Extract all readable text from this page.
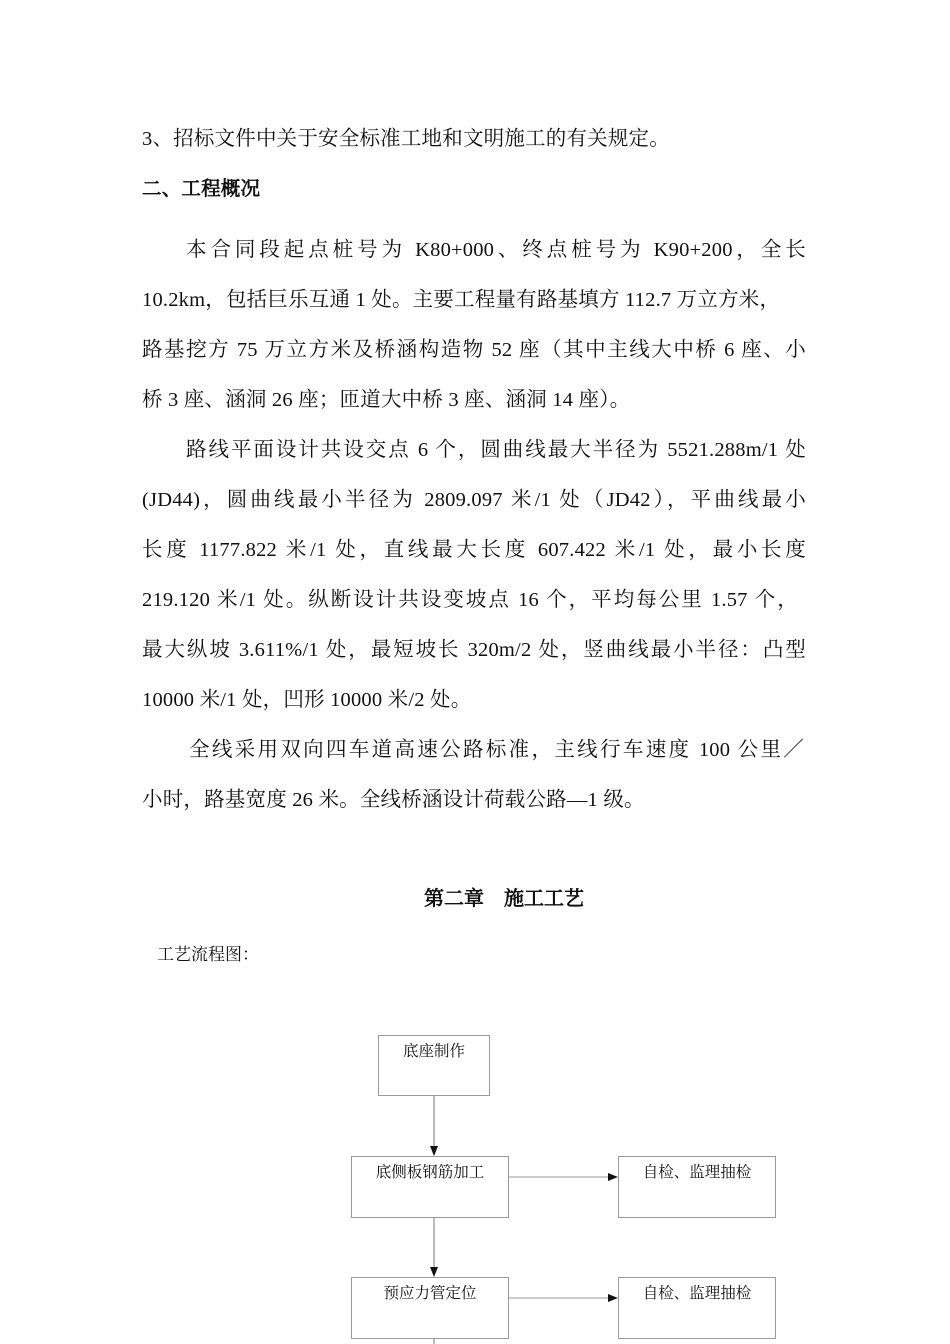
3、招标文件中关于安全标准工地和文明施工的有关规定。
二、工程概况
本合同段起点桩号为 K80+000、终点桩号为 K90+200，全长
10.2km，包括巨乐互通 1 处。主要工程量有路基填方 112.7 万立方米，
路基挖方 75 万立方米及桥涵构造物 52 座（其中主线大中桥 6 座、小
桥 3 座、涵洞 26 座；匝道大中桥 3 座、涵洞 14 座）。
路线平面设计共设交点 6 个，圆曲线最大半径为 5521.288m/1 处
(JD44)，圆曲线最小半径为 2809.097 米/1 处（JD42），平曲线最小
长度 1177.822 米/1 处，直线最大长度 607.422 米/1 处，最小长度
219.120 米/1 处。纵断设计共设变坡点 16 个，平均每公里 1.57 个，
最大纵坡 3.611%/1 处，最短坡长 320m/2 处，竖曲线最小半径：凸型
10000 米/1 处，凹形 10000 米/2 处。
全线采用双向四车道高速公路标准，主线行车速度 100 公里／
小时，路基宽度 26 米。全线桥涵设计荷载公路—1 级。
第二章　施工工艺
工艺流程图：
底座制作
底侧板钢筋加工	自检、监理抽检
预应力管定位	自检、监理抽检
